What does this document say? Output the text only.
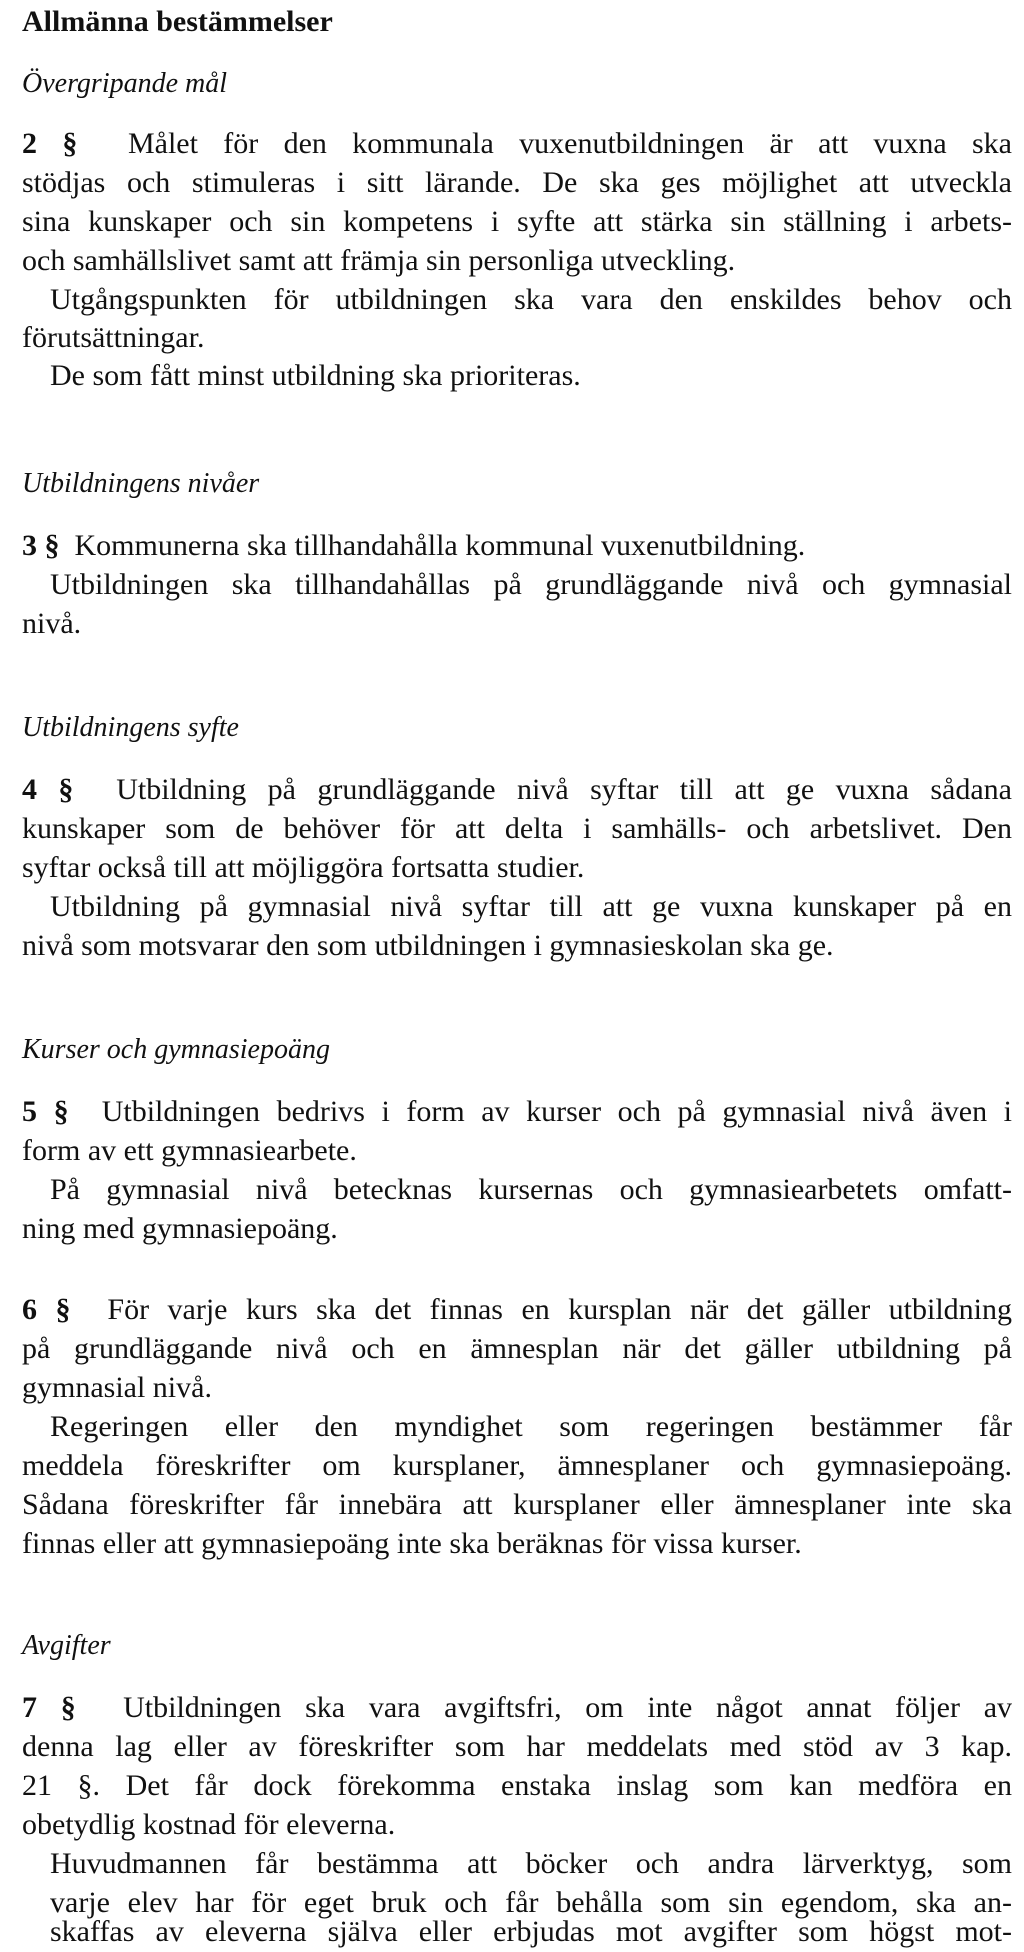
Allmänna bestämmelser
Övergripande mål
2 § Målet för den kommunala vuxenutbildningen är att vuxna ska
stödjas och stimuleras i sitt lärande. De ska ges möjlighet att utveckla
sina kunskaper och sin kompetens i syfte att stärka sin ställning i arbets-
och samhällslivet samt att främja sin personliga utveckling.
Utgångspunkten för utbildningen ska vara den enskildes behov och
förutsättningar.
De som fått minst utbildning ska prioriteras.
Utbildningens nivåer
3 § Kommunerna ska tillhandahålla kommunal vuxenutbildning.
Utbildningen ska tillhandahållas på grundläggande nivå och gymnasial
nivå.
Utbildningens syfte
4 § Utbildning på grundläggande nivå syftar till att ge vuxna sådana
kunskaper som de behöver för att delta i samhälls- och arbetslivet. Den
syftar också till att möjliggöra fortsatta studier.
Utbildning på gymnasial nivå syftar till att ge vuxna kunskaper på en
nivå som motsvarar den som utbildningen i gymnasieskolan ska ge.
Kurser och gymnasiepoäng
5 § Utbildningen bedrivs i form av kurser och på gymnasial nivå även i
form av ett gymnasiearbete.
På gymnasial nivå betecknas kursernas och gymnasiearbetets omfatt-
ning med gymnasiepoäng.
6 § För varje kurs ska det finnas en kursplan när det gäller utbildning
på grundläggande nivå och en ämnesplan när det gäller utbildning på
gymnasial nivå.
Regeringen eller den myndighet som regeringen bestämmer får
meddela föreskrifter om kursplaner, ämnesplaner och gymnasiepoäng.
Sådana föreskrifter får innebära att kursplaner eller ämnesplaner inte ska
finnas eller att gymnasiepoäng inte ska beräknas för vissa kurser.
Avgifter
7 § Utbildningen ska vara avgiftsfri, om inte något annat följer av
denna lag eller av föreskrifter som har meddelats med stöd av 3 kap.
21 §. Det får dock förekomma enstaka inslag som kan medföra en
obetydlig kostnad för eleverna.
Huvudmannen får bestämma att böcker och andra lärverktyg, som
varje elev har för eget bruk och får behålla som sin egendom, ska an-
skaffas av eleverna själva eller erbjudas mot avgifter som högst mot-
